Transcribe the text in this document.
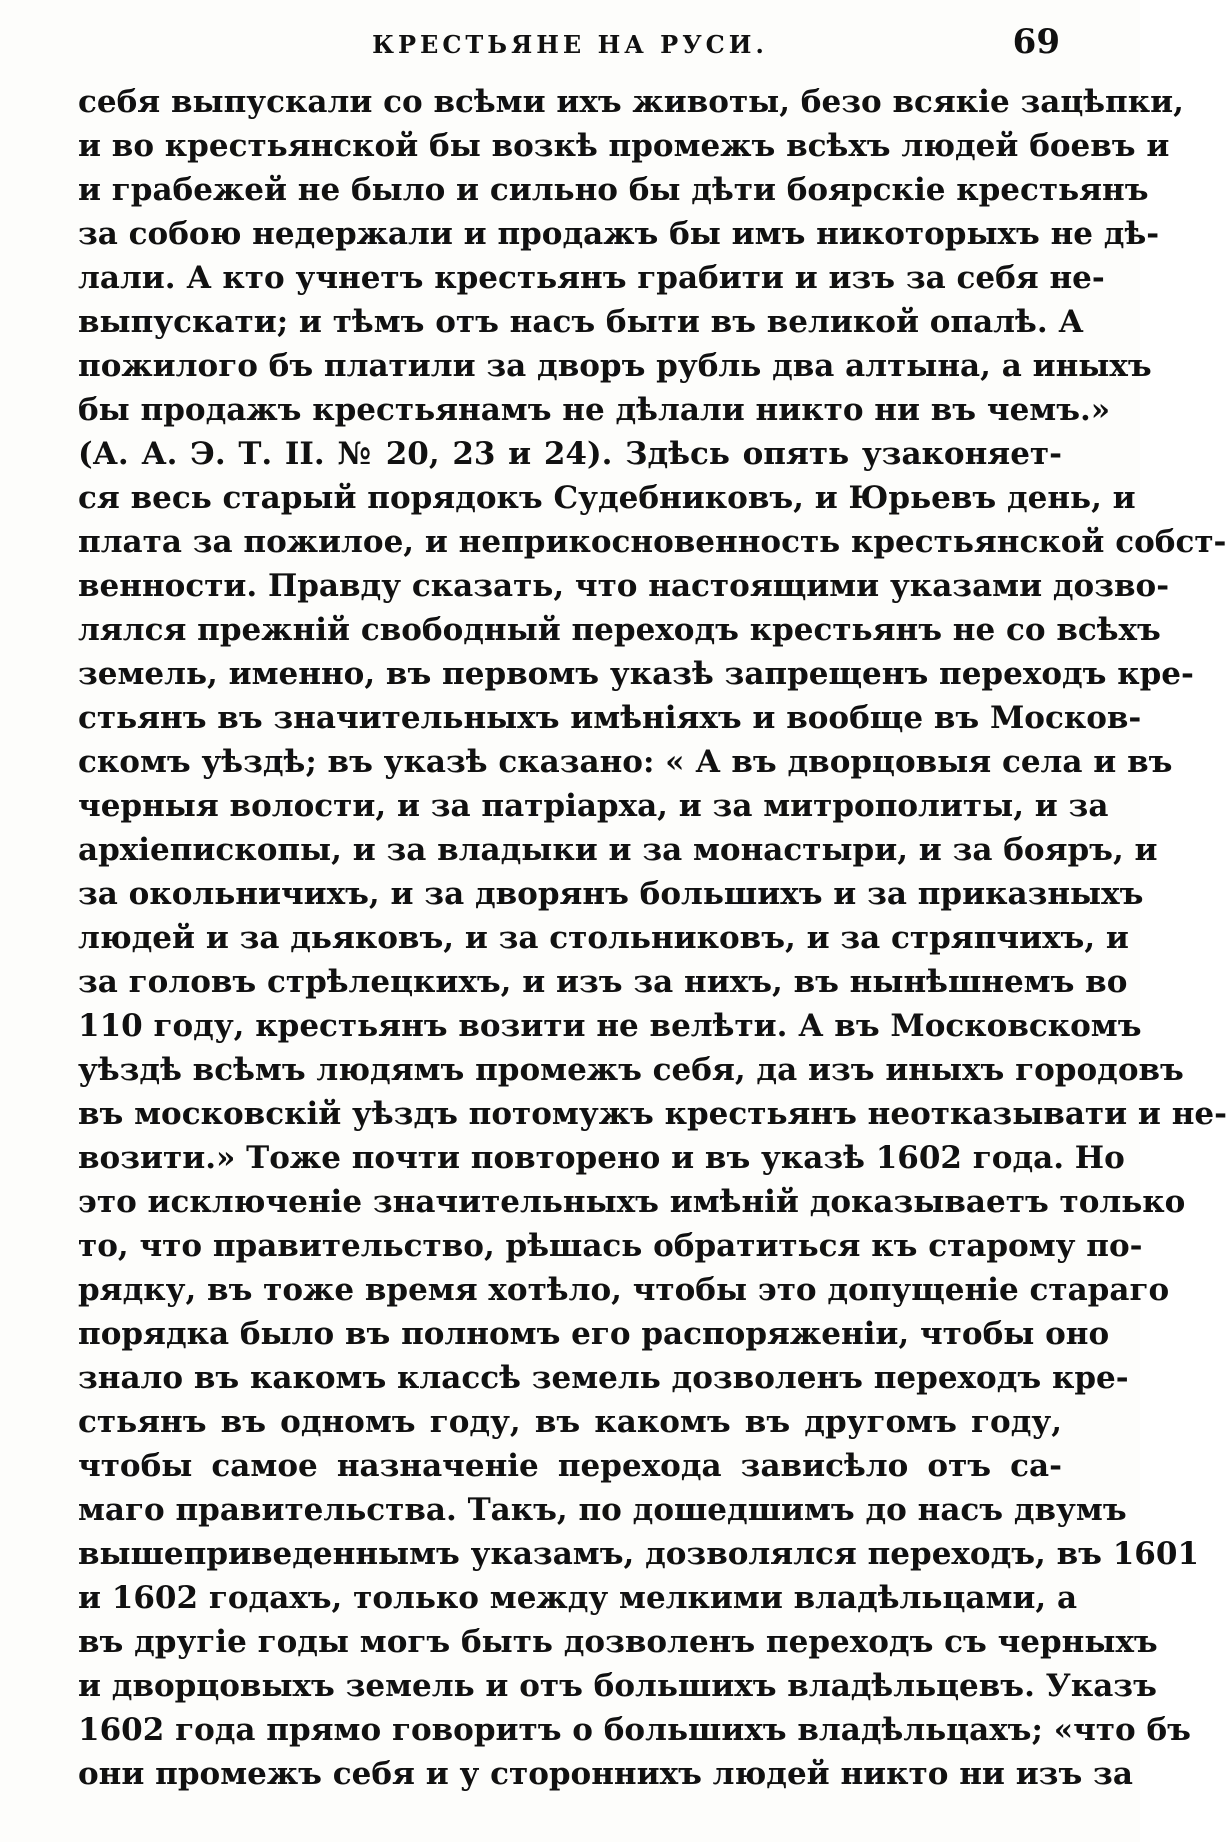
КРЕСТЬЯНЕ НА РУСИ.	69
себя выпускали со всѣми ихъ животы, безо всякіе зацѣпки,
и во крестьянской бы возкѣ промежъ всѣхъ людей боевъ и
и грабежей не было и сильно бы дѣти боярскіе крестьянъ
за собою недержали и продажъ бы имъ никоторыхъ не дѣ-
лали. А кто учнетъ крестьянъ грабити и изъ за себя не-
выпускати; и тѣмъ отъ насъ быти въ великой опалѣ. А
пожилого бъ платили за дворъ рубль два алтына, а иныхъ
бы продажъ крестьянамъ не дѣлали никто ни въ чемъ.»
(А. А. Э. Т. II. № 20, 23 и 24). Здѣсь опять узаконяет-
ся весь старый порядокъ Судебниковъ, и Юрьевъ день, и
плата за пожилое, и неприкосновенность крестьянской собст-
венности. Правду сказать, что настоящими указами дозво-
лялся прежній свободный переходъ крестьянъ не со всѣхъ
земель, именно, въ первомъ указѣ запрещенъ переходъ кре-
стьянъ въ значительныхъ имѣніяхъ и вообще въ Москов-
скомъ уѣздѣ; въ указѣ сказано: « А въ дворцовыя села и въ
черныя волости, и за патріарха, и за митрополиты, и за
архіепископы, и за владыки и за монастыри, и за бояръ, и
за окольничихъ, и за дворянъ большихъ и за приказныхъ
людей и за дьяковъ, и за стольниковъ, и за стряпчихъ, и
за головъ стрѣлецкихъ, и изъ за нихъ, въ нынѣшнемъ во
110 году, крестьянъ возити не велѣти. А въ Московскомъ
уѣздѣ всѣмъ людямъ промежъ себя, да изъ иныхъ городовъ
въ московскій уѣздъ потомужъ крестьянъ неотказывати и не-
возити.» Тоже почти повторено и въ указѣ 1602 года. Но
это исключеніе значительныхъ имѣній доказываетъ только
то, что правительство, рѣшась обратиться къ старому по-
рядку, въ тоже время хотѣло, чтобы это допущеніе стараго
порядка было въ полномъ его распоряженіи, чтобы оно
знало въ какомъ классѣ земель дозволенъ переходъ кре-
стьянъ въ одномъ году, въ какомъ въ другомъ году,
чтобы самое назначеніе перехода зависѣло отъ са-
маго правительства. Такъ, по дошедшимъ до насъ двумъ
вышеприведеннымъ указамъ, дозволялся переходъ, въ 1601
и 1602 годахъ, только между мелкими владѣльцами, а
въ другіе годы могъ быть дозволенъ переходъ съ черныхъ
и дворцовыхъ земель и отъ большихъ владѣльцевъ. Указъ
1602 года прямо говоритъ о большихъ владѣльцахъ; «что бъ
они промежъ себя и у стороннихъ людей никто ни изъ за
